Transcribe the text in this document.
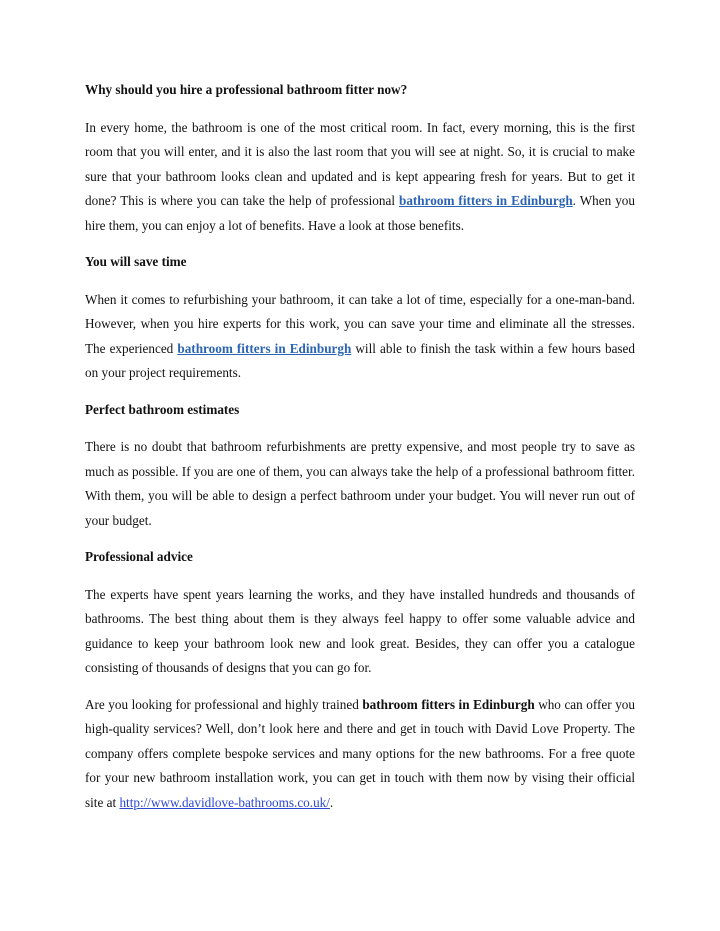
Why should you hire a professional bathroom fitter now?

In every home, the bathroom is one of the most critical room. In fact, every morning, this is the first room that you will enter, and it is also the last room that you will see at night. So, it is crucial to make sure that your bathroom looks clean and updated and is kept appearing fresh for years. But to get it done? This is where you can take the help of professional bathroom fitters in Edinburgh. When you hire them, you can enjoy a lot of benefits. Have a look at those benefits.

You will save time

When it comes to refurbishing your bathroom, it can take a lot of time, especially for a one-man-band. However, when you hire experts for this work, you can save your time and eliminate all the stresses. The experienced bathroom fitters in Edinburgh will able to finish the task within a few hours based on your project requirements.

Perfect bathroom estimates

There is no doubt that bathroom refurbishments are pretty expensive, and most people try to save as much as possible. If you are one of them, you can always take the help of a professional bathroom fitter. With them, you will be able to design a perfect bathroom under your budget. You will never run out of your budget.

Professional advice

The experts have spent years learning the works, and they have installed hundreds and thousands of bathrooms. The best thing about them is they always feel happy to offer some valuable advice and guidance to keep your bathroom look new and look great. Besides, they can offer you a catalogue consisting of thousands of designs that you can go for.

Are you looking for professional and highly trained bathroom fitters in Edinburgh who can offer you high-quality services? Well, don’t look here and there and get in touch with David Love Property. The company offers complete bespoke services and many options for the new bathrooms. For a free quote for your new bathroom installation work, you can get in touch with them now by vising their official site at http://www.davidlove-bathrooms.co.uk/.
